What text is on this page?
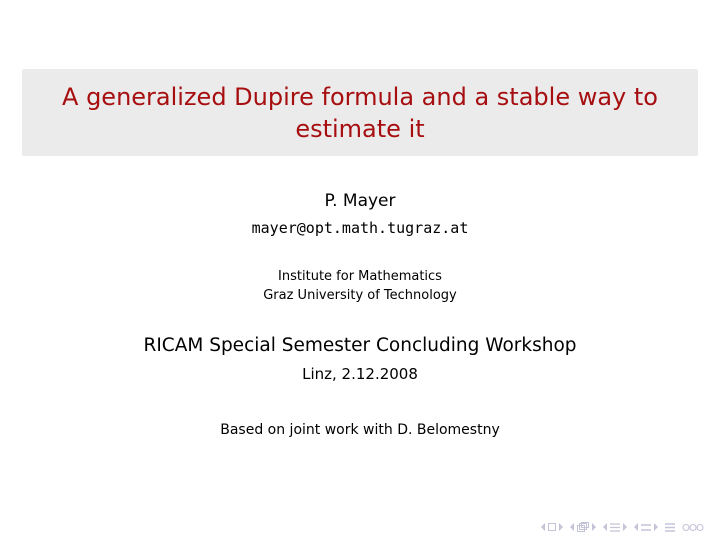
A generalized Dupire formula and a stable way to estimate it
P. Mayer
mayer@opt.math.tugraz.at
Institute for Mathematics
Graz University of Technology
RICAM Special Semester Concluding Workshop
Linz, 2.12.2008
Based on joint work with D. Belomestny
